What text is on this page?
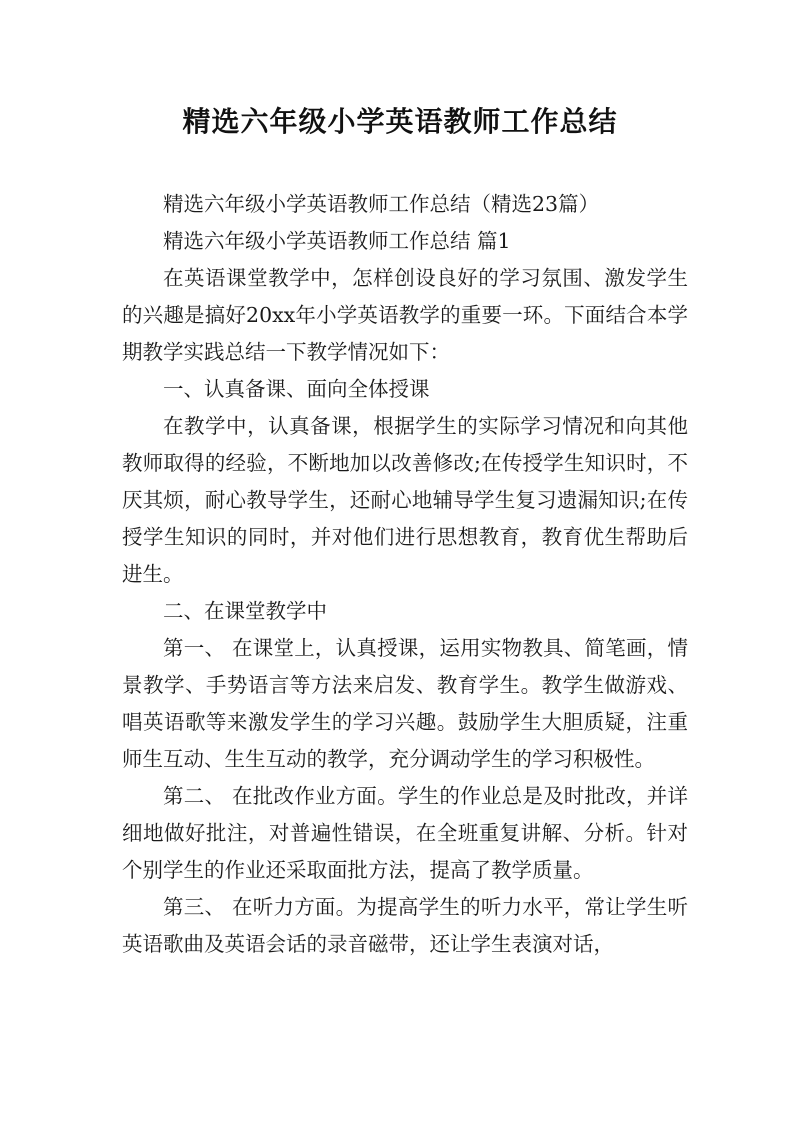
精选六年级小学英语教师工作总结

精选六年级小学英语教师工作总结（精选23篇）

精选六年级小学英语教师工作总结 篇1

在英语课堂教学中，怎样创设良好的学习氛围、激发学生的兴趣是搞好20xx年小学英语教学的重要一环。下面结合本学期教学实践总结一下教学情况如下：

一、认真备课、面向全体授课

在教学中，认真备课，根据学生的实际学习情况和向其他教师取得的经验，不断地加以改善修改;在传授学生知识时，不厌其烦，耐心教导学生，还耐心地辅导学生复习遗漏知识;在传授学生知识的同时，并对他们进行思想教育，教育优生帮助后进生。

二、在课堂教学中

第一、 在课堂上，认真授课，运用实物教具、简笔画，情景教学、手势语言等方法来启发、教育学生。教学生做游戏、唱英语歌等来激发学生的学习兴趣。鼓励学生大胆质疑，注重师生互动、生生互动的教学，充分调动学生的学习积极性。

第二、 在批改作业方面。学生的作业总是及时批改，并详细地做好批注，对普遍性错误，在全班重复讲解、分析。针对个别学生的作业还采取面批方法，提高了教学质量。

第三、 在听力方面。为提高学生的听力水平，常让学生听英语歌曲及英语会话的录音磁带，还让学生表演对话，
